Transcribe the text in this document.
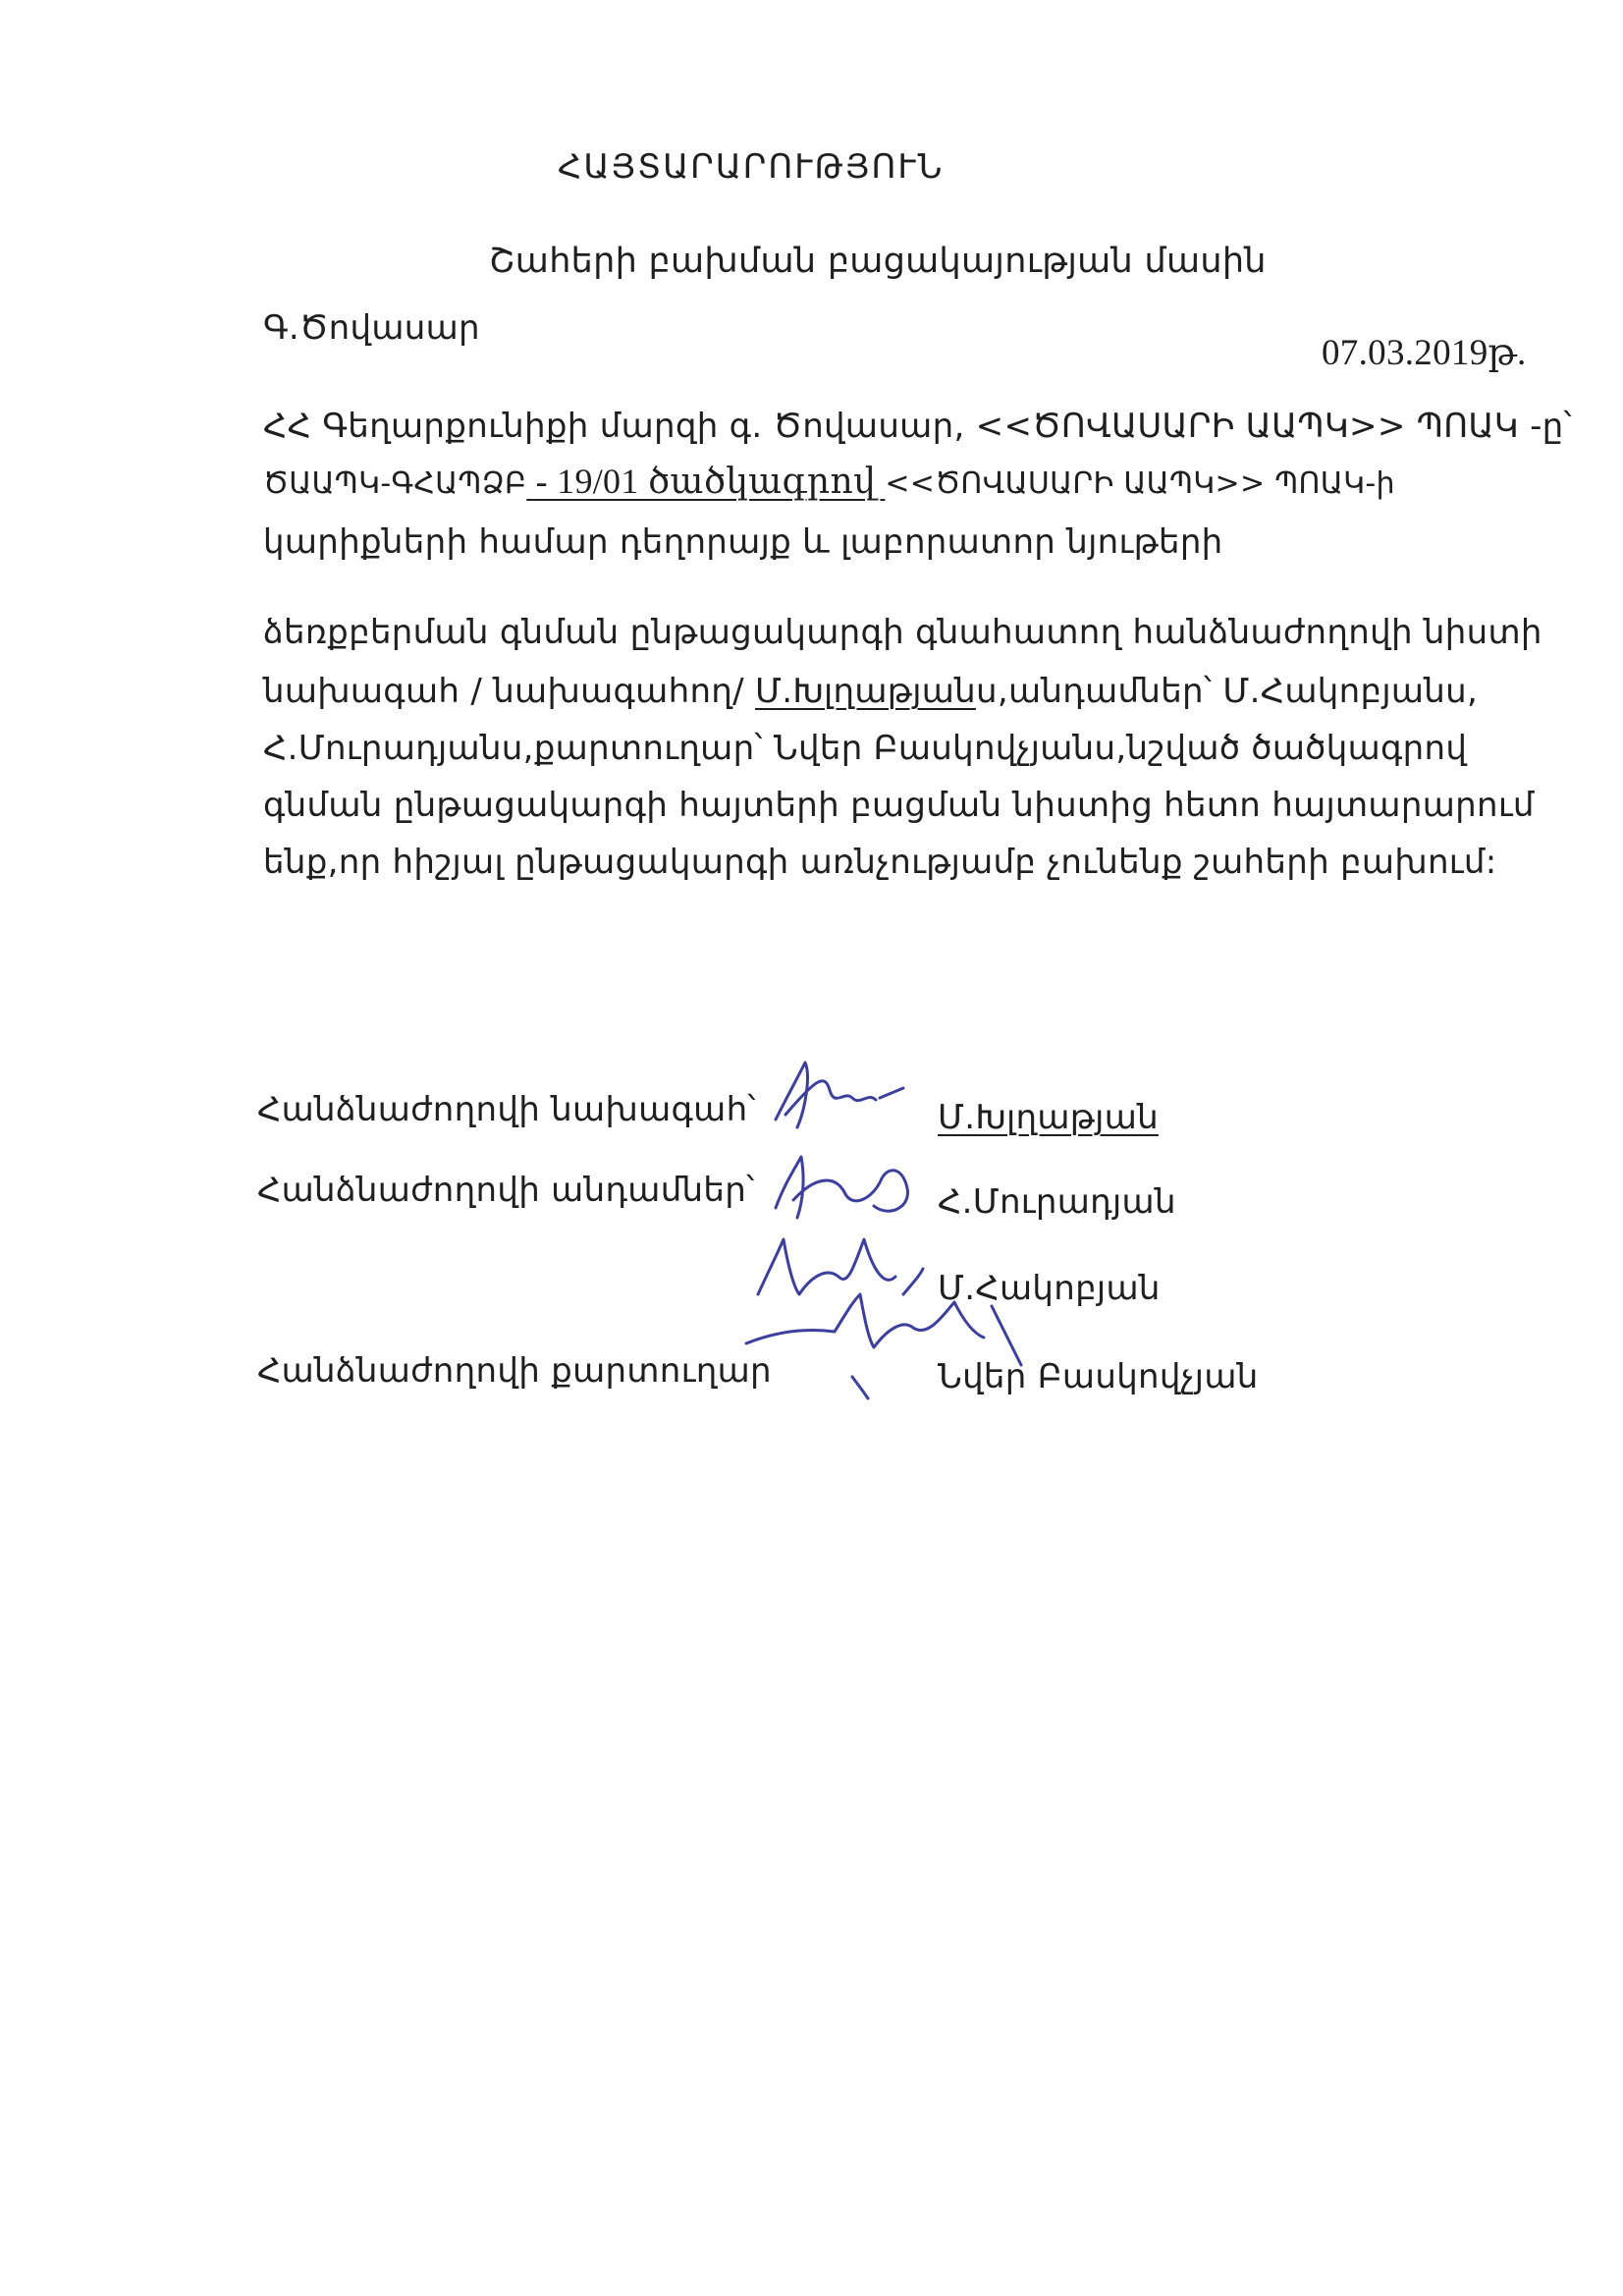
ՀԱՅՏԱՐԱՐՈՒԹՅՈՒՆ
Շահերի բախման բացակայության մասին
Գ.Ծովասար
07.03.2019թ.
ՀՀ Գեղարքունիքի մարզի գ. Ծովասար, <<ԾՈՎԱՍԱՐԻ ԱԱՊԿ>> ՊՈԱԿ -ը՝
ԾԱԱՊԿ-ԳՀԱՊՁԲ - 19/01 ծածկագրով <<ԾՈՎԱՍԱՐԻ ԱԱՊԿ>> ՊՈԱԿ-ի
կարիքների համար դեղորայք և լաբորատոր նյութերի
ձեռքբերման գնման ընթացակարգի գնահատող հանձնաժողովի նիստի
նախագահ / նախագահող/ Մ.Խլղաթյանս,անդամներ՝ Մ.Հակոբյանս,
Հ.Մուրադյանս,քարտուղար՝ Նվեր Բասկովչյանս,նշված ծածկագրով
գնման ընթացակարգի հայտերի բացման նիստից հետո հայտարարում
ենք,որ հիշյալ ընթացակարգի առնչությամբ չունենք շահերի բախում:
Հանձնաժողովի նախագահ՝	Մ.Խլղաթյան
Հանձնաժողովի անդամներ՝	Հ.Մուրադյան
Մ.Հակոբյան
Հանձնաժողովի քարտուղար	Նվեր Բասկովչյան
